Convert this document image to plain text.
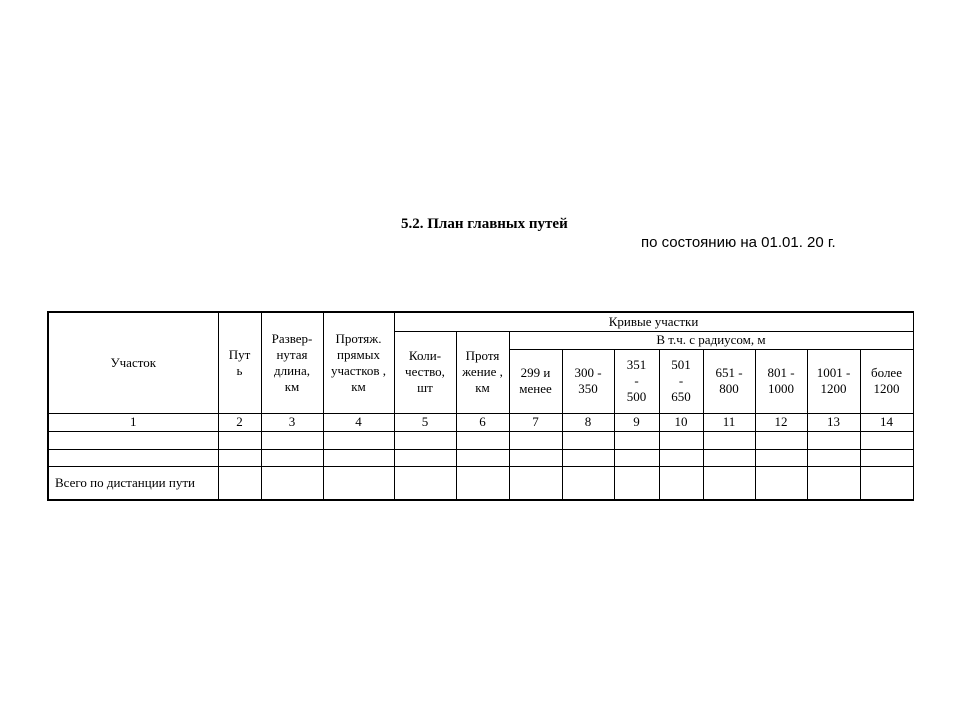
5.2. План главных путей
по состоянию на 01.01. 20 г.
Участок	Пут ь	Развер- нутая длина, км	Протяж. прямых участков , км	Кривые участки									

				Коли- чество, шт	Протя жение , км	В т.ч. с радиусом, м							

						299 и менее	300 - 350	351 - 500	501 - 650	651 - 800	801 - 1000	1001 - 1200	более 1200

1	2	3	4	5	6	7	8	9	10	11	12	13	14

Всего по дистанции пути													
